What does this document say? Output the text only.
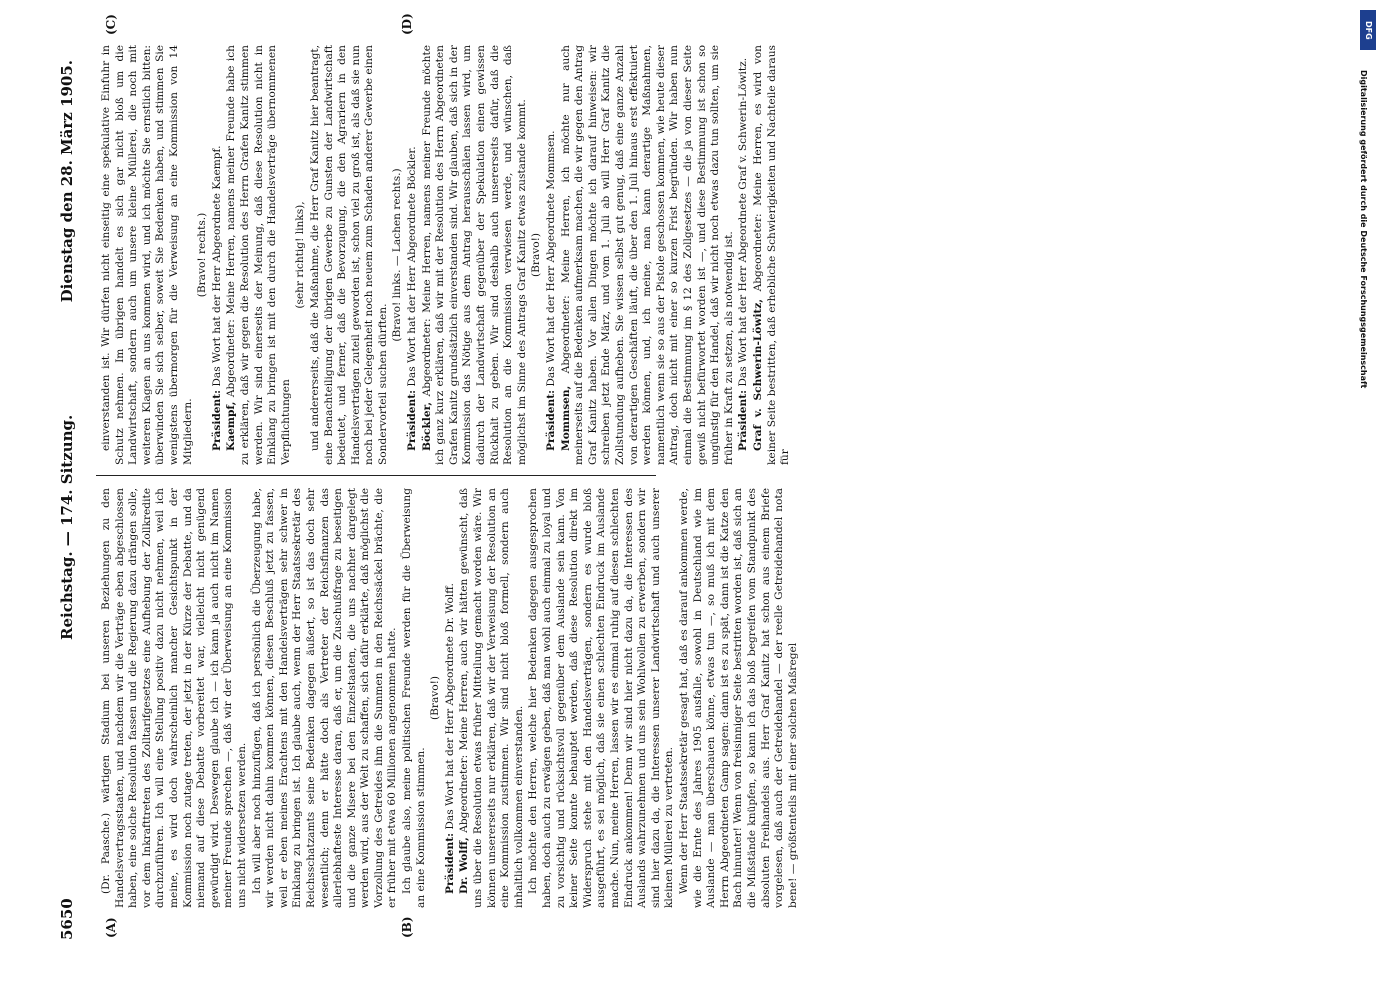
5650
Reichstag. — 174. Sitzung.
Dienstag den 28. März 1905.
(A)	(B)
(C)	(D)

(Dr. Paasche.) wärtigen Stadium bei unseren Beziehungen zu den Handelsvertragsstaaten, und nachdem wir die Verträge eben abgeschlossen haben, eine solche Resolution fassen und die Regierung dazu drängen solle, vor dem Inkrafttreten des Zolltarifgesetzes eine Aufhebung der Zollkredite durchzuführen. Ich will eine Stellung positiv dazu nicht nehmen, weil ich meine, es wird doch wahrscheinlich mancher Gesichtspunkt in der Kommission noch zutage treten, der jetzt in der Kürze der Debatte, und da niemand auf diese Debatte vorbereitet war, vielleicht nicht genügend gewürdigt wird. Deswegen glaube ich — ich kann ja auch nicht im Namen meiner Freunde sprechen —, daß wir der Überweisung an eine Kommission uns nicht widersetzen werden. Ich will aber noch hinzufügen, daß ich persönlich die Überzeugung habe, wir werden nicht dahin kommen können, diesen Beschluß jetzt zu fassen, weil er eben meines Erachtens mit den Handelsverträgen sehr schwer in Einklang zu bringen ist. Ich glaube auch, wenn der Herr Staatssekretär des Reichsschatzamts seine Bedenken dagegen äußert, so ist das doch sehr wesentlich; denn er hätte doch als Vertreter der Reichsfinanzen das allerlebhafteste Interesse daran, daß er, um die Zuschußfrage zu beseitigen und die ganze Misere bei den Einzelstaaten, die uns nachher dargelegt werden wird, aus der Welt zu schaffen, sich dafür erklärte, daß möglichst die Vorzollung des Getreides ihm die Summen in den Reichssäckel brächte, die er früher mit etwa 60 Millionen angenommen hatte. Ich glaube also, meine politischen Freunde werden für die Überweisung an eine Kommission stimmen.

(Bravo!)

Präsident: Das Wort hat der Herr Abgeordnete Dr. Wolff.

Dr. Wolff, Abgeordneter: Meine Herren, auch wir hätten gewünscht, daß uns über die Resolution etwas früher Mitteilung gemacht worden wäre. Wir können unsererseits nur erklären, daß wir der Verweisung der Resolution an eine Kommission zustimmen. Wir sind nicht bloß formell, sondern auch inhaltlich vollkommen einverstanden. Ich möchte den Herren, welche hier Bedenken dagegen ausgesprochen haben, doch auch zu erwägen geben, daß man wohl auch einmal zu loyal und zu vorsichtig und rücksichtsvoll gegenüber dem Auslande sein kann. Von keiner Seite konnte behauptet werden, daß diese Resolution direkt im Widerspruch stehe mit den Handelsverträgen, sondern es wurde bloß ausgeführt, es sei möglich, daß sie einen schlechten Eindruck im Auslande mache. Nun, meine Herren, lassen wir es einmal ruhig auf diesen schlechten Eindruck ankommen! Denn wir sind hier nicht dazu da, die Interessen des Auslands wahrzunehmen und uns sein Wohlwollen zu erwerben, sondern wir sind hier dazu da, die Interessen unserer Landwirtschaft und auch unserer kleinen Müllerei zu vertreten. Wenn der Herr Staatssekretär gesagt hat, daß es darauf ankommen werde, wie die Ernte des Jahres 1905 ausfalle, sowohl in Deutschland wie im Auslande — man überschauen könne, etwas tun —, so muß ich mit dem Herrn Abgeordneten Gamp sagen: dann ist es zu spät, dann ist die Katze den Bach hinunter! Wenn von freisinniger Seite bestritten worden ist, daß sich an die Mißstände knüpfen, so kann ich das bloß begreifen vom Standpunkt des absoluten Freihandels aus. Herr Graf Kanitz hat schon aus einem Briefe vorgelesen, daß auch der Getreidehandel — der reelle Getreidehandel nota bene! — größtenteils mit einer solchen Maßregel

einverstanden ist. Wir dürfen nicht einseitig eine spekulative Einfuhr in Schutz nehmen. Im übrigen handelt es sich gar nicht bloß um die Landwirtschaft, sondern auch um unsere kleine Müllerei, die noch mit weiteren Klagen an uns kommen wird, und ich möchte Sie ernstlich bitten: überwinden Sie sich selber, soweit Sie Bedenken haben, und stimmen Sie wenigstens übermorgen für die Verweisung an eine Kommission von 14 Mitgliedern.

(Bravo! rechts.)

Präsident: Das Wort hat der Herr Abgeordnete Kaempf.

Kaempf, Abgeordneter: Meine Herren, namens meiner Freunde habe ich zu erklären, daß wir gegen die Resolution des Herrn Grafen Kanitz stimmen werden. Wir sind einerseits der Meinung, daß diese Resolution nicht in Einklang zu bringen ist mit den durch die Handelsverträge übernommenen Verpflichtungen

(sehr richtig! links), und andererseits, daß die Maßnahme, die Herr Graf Kanitz hier beantragt, eine Benachteiligung der übrigen Gewerbe zu Gunsten der Landwirtschaft bedeutet, und ferner, daß die Bevorzugung, die den Agrariern in den Handelsverträgen zuteil geworden ist, schon viel zu groß ist, als daß sie nun noch bei jeder Gelegenheit noch neuem zum Schaden anderer Gewerbe einen Sondervorteil suchen dürften.

(Bravo! links. — Lachen rechts.)

Präsident: Das Wort hat der Herr Abgeordnete Böckler.

Böckler, Abgeordneter: Meine Herren, namens meiner Freunde möchte ich ganz kurz erklären, daß wir mit der Resolution des Herrn Abgeordneten Grafen Kanitz grundsätzlich einverstanden sind. Wir glauben, daß sich in der Kommission das Nötige aus dem Antrag herausschälen lassen wird, um dadurch der Landwirtschaft gegenüber der Spekulation einen gewissen Rückhalt zu geben. Wir sind deshalb auch unsererseits dafür, daß die Resolution an die Kommission verwiesen werde, und wünschen, daß möglichst im Sinne des Antrags Graf Kanitz etwas zustande kommt. (Bravo!)

Präsident: Das Wort hat der Herr Abgeordnete Mommsen.

Mommsen, Abgeordneter: Meine Herren, ich möchte nur auch meinerseits auf die Bedenken aufmerksam machen, die wir gegen den Antrag Graf Kanitz haben. Vor allen Dingen möchte ich darauf hinweisen: wir schreiben jetzt Ende März, und vom 1. Juli ab will Herr Graf Kanitz die Zollstundung aufheben. Sie wissen selbst gut genug, daß eine ganze Anzahl von derartigen Geschäften läuft, die über den 1. Juli hinaus erst effektuiert werden können, und, ich meine, man kann derartige Maßnahmen, namentlich wenn sie so aus der Pistole geschossen kommen, wie heute dieser Antrag, doch nicht mit einer so kurzen Frist begründen. Wir haben nun einmal die Bestimmung im § 12 des Zollgesetzes — die ja von dieser Seite gewiß nicht befürwortet worden ist —, und diese Bestimmung ist schon so ungünstig für den Handel, daß wir nicht noch etwas dazu tun sollten, um sie früher in Kraft zu setzen, als notwendig ist. Präsident: Das Wort hat der Herr Abgeordnete Graf v. Schwerin-Löwitz. Graf v. Schwerin-Löwitz, Abgeordneter: Meine Herren, es wird von keiner Seite bestritten, daß erhebliche Schwierigkeiten und Nachteile daraus für

DFG
Digitalisierung gefördert durch die Deutsche Forschungsgemeinschaft
